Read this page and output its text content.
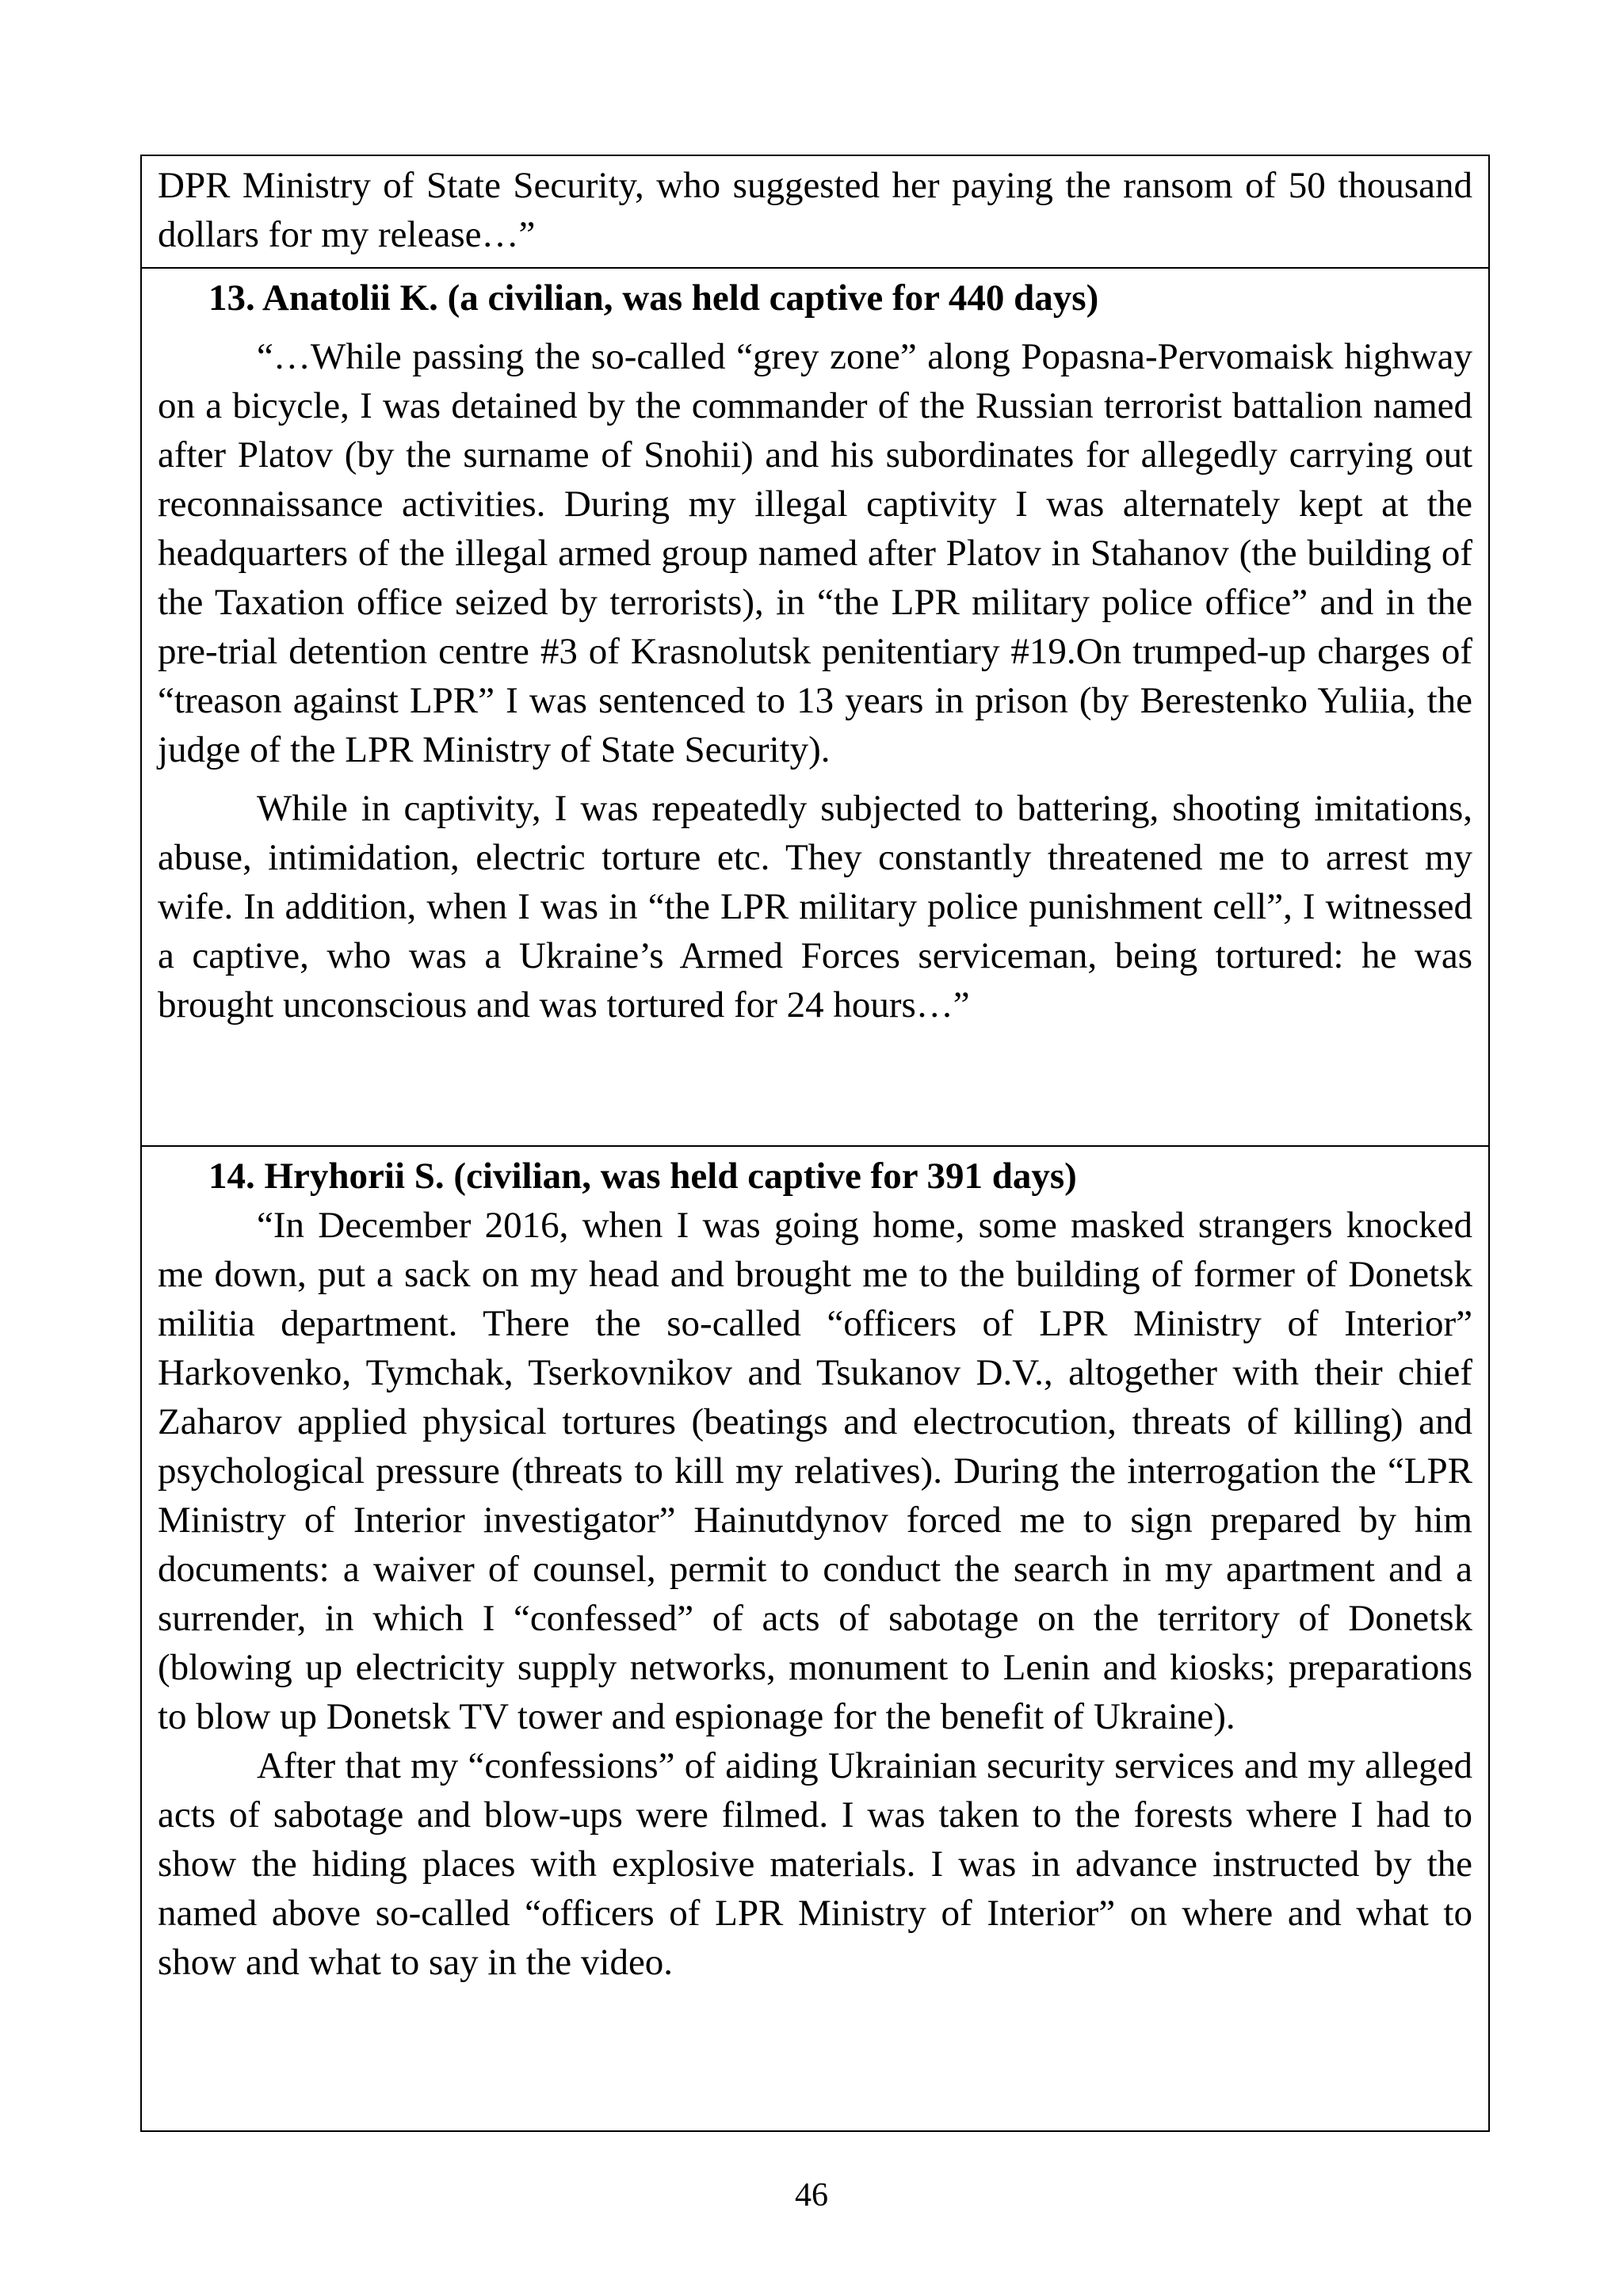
DPR Ministry of State Security, who suggested her paying the ransom of 50 thousand dollars for my release…”

13. Anatolii K. (a civilian, was held captive for 440 days)

“…While passing the so-called “grey zone” along Popasna-Pervomaisk highway on a bicycle, I was detained by the commander of the Russian terrorist battalion named after Platov (by the surname of Snohii) and his subordinates for allegedly carrying out reconnaissance activities. During my illegal captivity I was alternately kept at the headquarters of the illegal armed group named after Platov in Stahanov (the building of the Taxation office seized by terrorists), in “the LPR military police office” and in the pre-trial detention centre #3 of Krasnolutsk penitentiary #19.On trumped-up charges of “treason against LPR” I was sentenced to 13 years in prison (by Berestenko Yuliia, the judge of the LPR Ministry of State Security).

While in captivity, I was repeatedly subjected to battering, shooting imitations, abuse, intimidation, electric torture etc. They constantly threatened me to arrest my wife. In addition, when I was in “the LPR military police punishment cell”, I witnessed a captive, who was a Ukraine’s Armed Forces serviceman, being tortured: he was brought unconscious and was tortured for 24 hours…”

14. Hryhorii S. (civilian, was held captive for 391 days)

“In December 2016, when I was going home, some masked strangers knocked me down, put a sack on my head and brought me to the building of former of Donetsk militia department. There the so-called “officers of LPR Ministry of Interior” Harkovenko, Tymchak, Tserkovnikov and Tsukanov D.V., altogether with their chief Zaharov applied physical tortures (beatings and electrocution, threats of killing) and psychological pressure (threats to kill my relatives). During the interrogation the “LPR Ministry of Interior investigator” Hainutdynov forced me to sign prepared by him documents: a waiver of counsel, permit to conduct the search in my apartment and a surrender, in which I “confessed” of acts of sabotage on the territory of Donetsk (blowing up electricity supply networks, monument to Lenin and kiosks; preparations to blow up Donetsk TV tower and espionage for the benefit of Ukraine).

After that my “confessions” of aiding Ukrainian security services and my alleged acts of sabotage and blow-ups were filmed. I was taken to the forests where I had to show the hiding places with explosive materials. I was in advance instructed by the named above so-called “officers of LPR Ministry of Interior” on where and what to show and what to say in the video.

46
